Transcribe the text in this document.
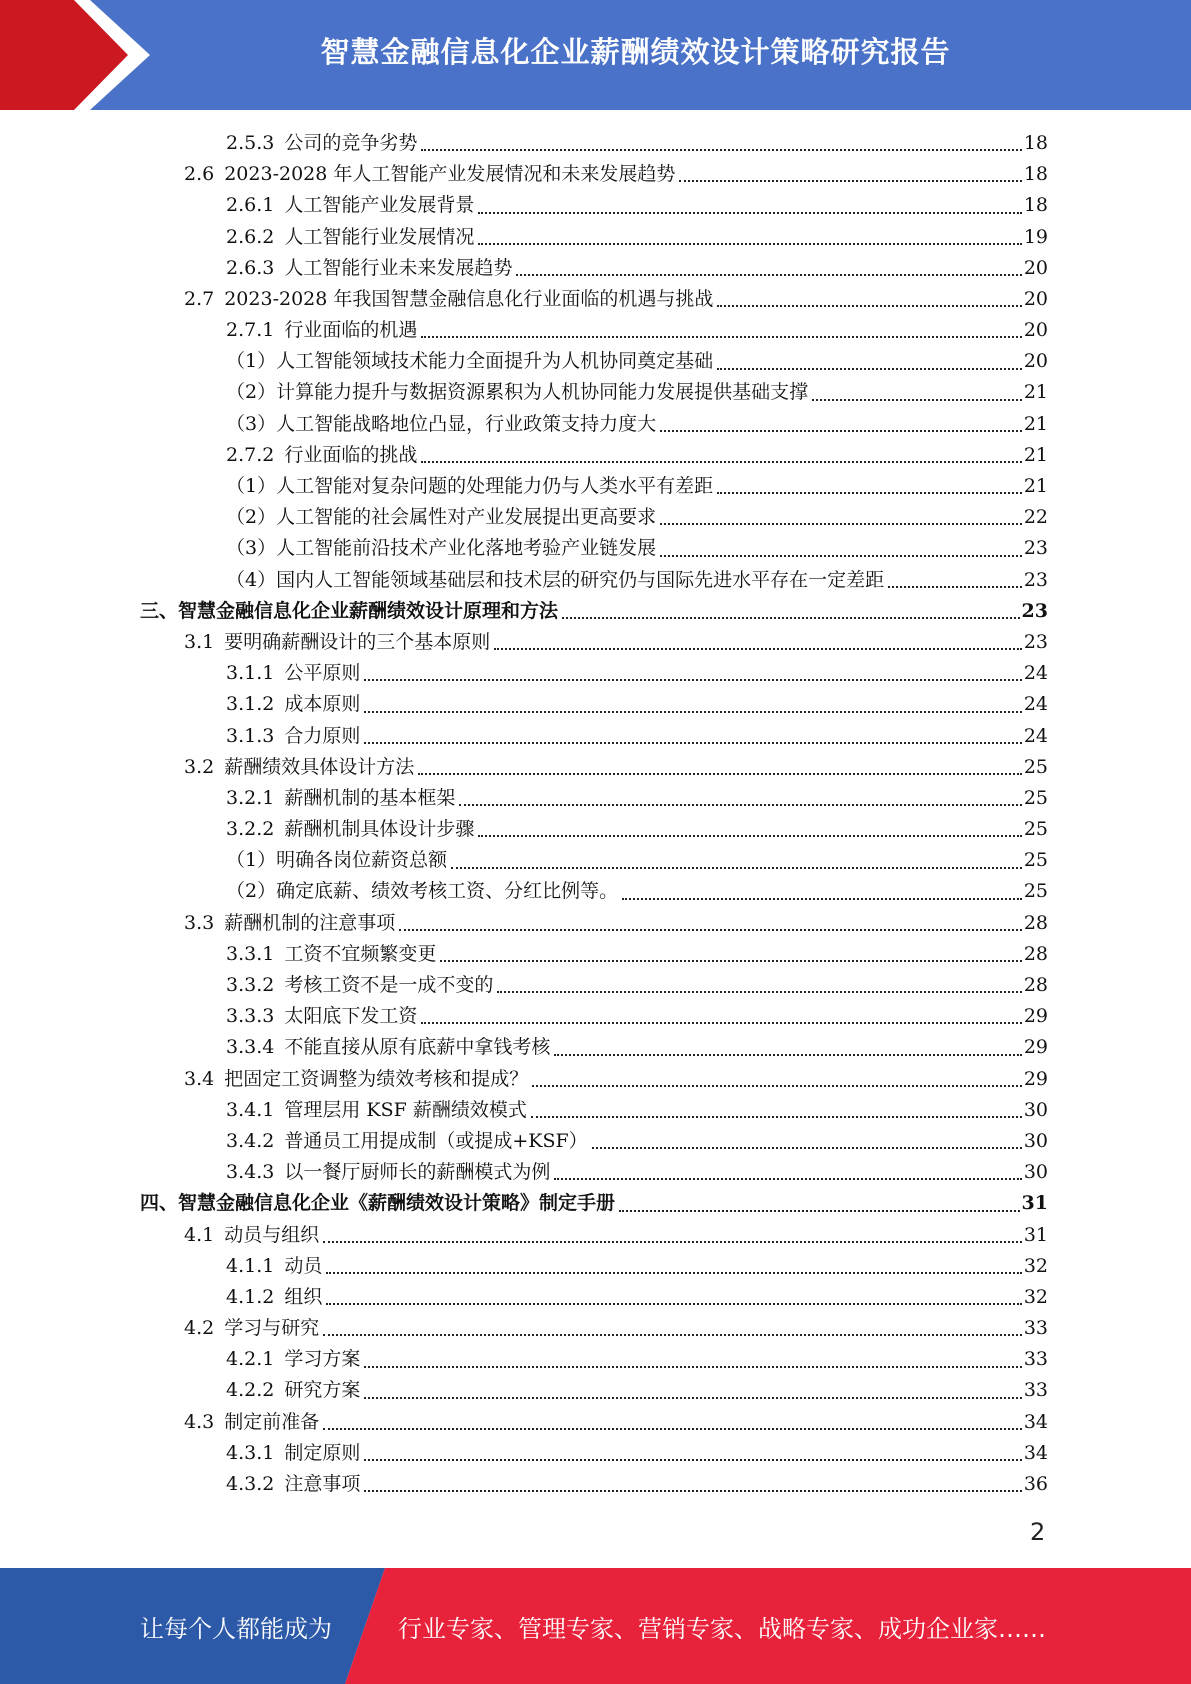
智慧金融信息化企业薪酬绩效设计策略研究报告
2.5.3 公司的竞争劣势	18
2.6 2023-2028 年人工智能产业发展情况和未来发展趋势	18
2.6.1 人工智能产业发展背景	18
2.6.2 人工智能行业发展情况	19
2.6.3 人工智能行业未来发展趋势	20
2.7 2023-2028 年我国智慧金融信息化行业面临的机遇与挑战	20
2.7.1 行业面临的机遇	20
（1）人工智能领域技术能力全面提升为人机协同奠定基础	20
（2）计算能力提升与数据资源累积为人机协同能力发展提供基础支撑	21
（3）人工智能战略地位凸显，行业政策支持力度大	21
2.7.2 行业面临的挑战	21
（1）人工智能对复杂问题的处理能力仍与人类水平有差距	21
（2）人工智能的社会属性对产业发展提出更高要求	22
（3）人工智能前沿技术产业化落地考验产业链发展	23
（4）国内人工智能领域基础层和技术层的研究仍与国际先进水平存在一定差距	23
三、智慧金融信息化企业薪酬绩效设计原理和方法	23
3.1 要明确薪酬设计的三个基本原则	23
3.1.1 公平原则	24
3.1.2 成本原则	24
3.1.3 合力原则	24
3.2 薪酬绩效具体设计方法	25
3.2.1 薪酬机制的基本框架	25
3.2.2 薪酬机制具体设计步骤	25
（1）明确各岗位薪资总额	25
（2）确定底薪、绩效考核工资、分红比例等。	25
3.3 薪酬机制的注意事项	28
3.3.1 工资不宜频繁变更	28
3.3.2 考核工资不是一成不变的	28
3.3.3 太阳底下发工资	29
3.3.4 不能直接从原有底薪中拿钱考核	29
3.4 把固定工资调整为绩效考核和提成？	29
3.4.1 管理层用 KSF 薪酬绩效模式	30
3.4.2 普通员工用提成制（或提成+KSF）	30
3.4.3 以一餐厅厨师长的薪酬模式为例	30
四、智慧金融信息化企业《薪酬绩效设计策略》制定手册	31
4.1 动员与组织	31
4.1.1 动员	32
4.1.2 组织	32
4.2 学习与研究	33
4.2.1 学习方案	33
4.2.2 研究方案	33
4.3 制定前准备	34
4.3.1 制定原则	34
4.3.2 注意事项	36
2
让每个人都能成为	行业专家、管理专家、营销专家、战略专家、成功企业家……
